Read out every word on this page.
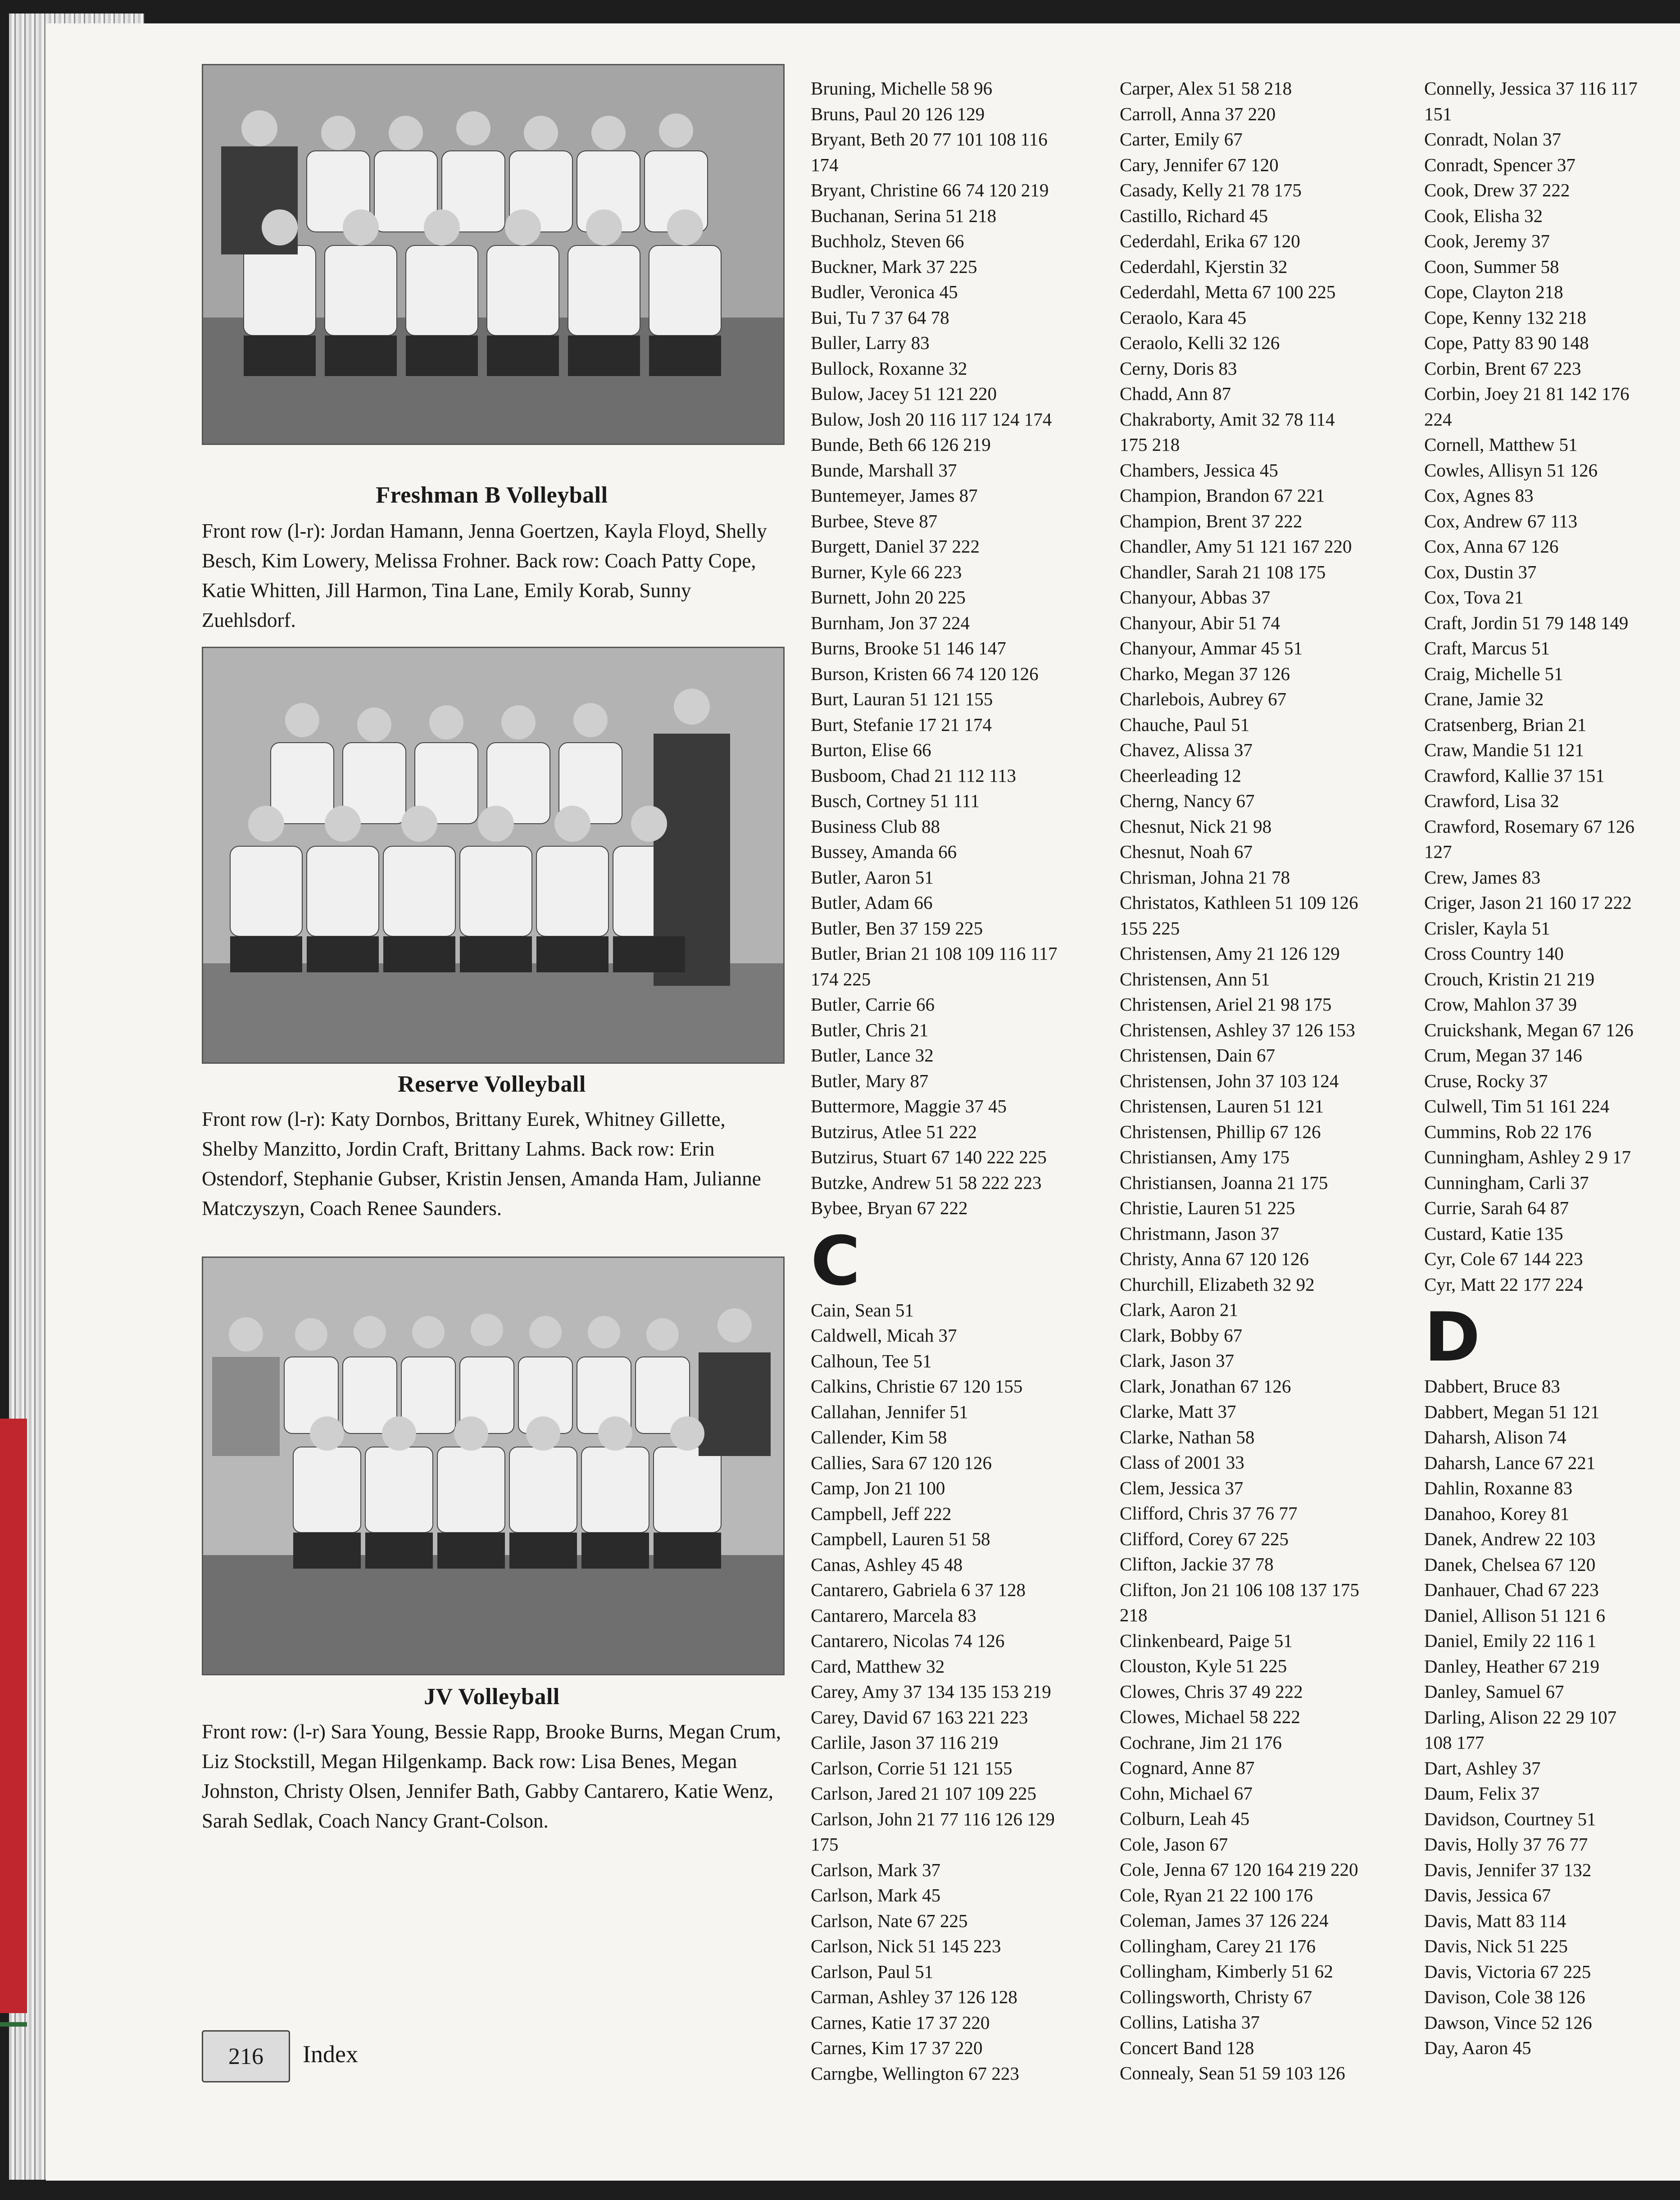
Freshman B Volleyball
Front row (l-r): Jordan Hamann, Jenna Goertzen, Kayla Floyd, Shelly Besch, Kim Lowery, Melissa Frohner. Back row: Coach Patty Cope, Katie Whitten, Jill Harmon, Tina Lane, Emily Korab, Sunny Zuehlsdorf.
Reserve Volleyball
Front row (l-r): Katy Dornbos, Brittany Eurek, Whitney Gillette, Shelby Manzitto, Jordin Craft, Brittany Lahms. Back row: Erin Ostendorf, Stephanie Gubser, Kristin Jensen, Amanda Ham, Julianne Matczyszyn, Coach Renee Saunders.
JV Volleyball
Front row: (l-r) Sara Young, Bessie Rapp, Brooke Burns, Megan Crum, Liz Stockstill, Megan Hilgenkamp. Back row: Lisa Benes, Megan Johnston, Christy Olsen, Jennifer Bath, Gabby Cantarero, Katie Wenz, Sarah Sedlak, Coach Nancy Grant-Colson.
216 Index
Bruning, Michelle 58 96
Bruns, Paul 20 126 129
Bryant, Beth 20 77 101 108 116
174
Bryant, Christine 66 74 120 219
Buchanan, Serina 51 218
Buchholz, Steven 66
Buckner, Mark 37 225
Budler, Veronica 45
Bui, Tu 7 37 64 78
Buller, Larry 83
Bullock, Roxanne 32
Bulow, Jacey 51 121 220
Bulow, Josh 20 116 117 124 174
Bunde, Beth 66 126 219
Bunde, Marshall 37
Buntemeyer, James 87
Burbee, Steve 87
Burgett, Daniel 37 222
Burner, Kyle 66 223
Burnett, John 20 225
Burnham, Jon 37 224
Burns, Brooke 51 146 147
Burson, Kristen 66 74 120 126
Burt, Lauran 51 121 155
Burt, Stefanie 17 21 174
Burton, Elise 66
Busboom, Chad 21 112 113
Busch, Cortney 51 111
Business Club 88
Bussey, Amanda 66
Butler, Aaron 51
Butler, Adam 66
Butler, Ben 37 159 225
Butler, Brian 21 108 109 116 117
174 225
Butler, Carrie 66
Butler, Chris 21
Butler, Lance 32
Butler, Mary 87
Buttermore, Maggie 37 45
Butzirus, Atlee 51 222
Butzirus, Stuart 67 140 222 225
Butzke, Andrew 51 58 222 223
Bybee, Bryan 67 222
C
Cain, Sean 51
Caldwell, Micah 37
Calhoun, Tee 51
Calkins, Christie 67 120 155
Callahan, Jennifer 51
Callender, Kim 58
Callies, Sara 67 120 126
Camp, Jon 21 100
Campbell, Jeff 222
Campbell, Lauren 51 58
Canas, Ashley 45 48
Cantarero, Gabriela 6 37 128
Cantarero, Marcela 83
Cantarero, Nicolas 74 126
Card, Matthew 32
Carey, Amy 37 134 135 153 219
Carey, David 67 163 221 223
Carlile, Jason 37 116 219
Carlson, Corrie 51 121 155
Carlson, Jared 21 107 109 225
Carlson, John 21 77 116 126 129
175
Carlson, Mark 37
Carlson, Mark 45
Carlson, Nate 67 225
Carlson, Nick 51 145 223
Carlson, Paul 51
Carman, Ashley 37 126 128
Carnes, Katie 17 37 220
Carnes, Kim 17 37 220
Carngbe, Wellington 67 223
Carper, Alex 51 58 218
Carroll, Anna 37 220
Carter, Emily 67
Cary, Jennifer 67 120
Casady, Kelly 21 78 175
Castillo, Richard 45
Cederdahl, Erika 67 120
Cederdahl, Kjerstin 32
Cederdahl, Metta 67 100 225
Ceraolo, Kara 45
Ceraolo, Kelli 32 126
Cerny, Doris 83
Chadd, Ann 87
Chakraborty, Amit 32 78 114
175 218
Chambers, Jessica 45
Champion, Brandon 67 221
Champion, Brent 37 222
Chandler, Amy 51 121 167 220
Chandler, Sarah 21 108 175
Chanyour, Abbas 37
Chanyour, Abir 51 74
Chanyour, Ammar 45 51
Charko, Megan 37 126
Charlebois, Aubrey 67
Chauche, Paul 51
Chavez, Alissa 37
Cheerleading 12
Cherng, Nancy 67
Chesnut, Nick 21 98
Chesnut, Noah 67
Chrisman, Johna 21 78
Christatos, Kathleen 51 109 126
155 225
Christensen, Amy 21 126 129
Christensen, Ann 51
Christensen, Ariel 21 98 175
Christensen, Ashley 37 126 153
Christensen, Dain 67
Christensen, John 37 103 124
Christensen, Lauren 51 121
Christensen, Phillip 67 126
Christiansen, Amy 175
Christiansen, Joanna 21 175
Christie, Lauren 51 225
Christmann, Jason 37
Christy, Anna 67 120 126
Churchill, Elizabeth 32 92
Clark, Aaron 21
Clark, Bobby 67
Clark, Jason 37
Clark, Jonathan 67 126
Clarke, Matt 37
Clarke, Nathan 58
Class of 2001 33
Clem, Jessica 37
Clifford, Chris 37 76 77
Clifford, Corey 67 225
Clifton, Jackie 37 78
Clifton, Jon 21 106 108 137 175
218
Clinkenbeard, Paige 51
Clouston, Kyle 51 225
Clowes, Chris 37 49 222
Clowes, Michael 58 222
Cochrane, Jim 21 176
Cognard, Anne 87
Cohn, Michael 67
Colburn, Leah 45
Cole, Jason 67
Cole, Jenna 67 120 164 219 220
Cole, Ryan 21 22 100 176
Coleman, James 37 126 224
Collingham, Carey 21 176
Collingham, Kimberly 51 62
Collingsworth, Christy 67
Collins, Latisha 37
Concert Band 128
Connealy, Sean 51 59 103 126
Connelly, Jessica 37 116 117
151
Conradt, Nolan 37
Conradt, Spencer 37
Cook, Drew 37 222
Cook, Elisha 32
Cook, Jeremy 37
Coon, Summer 58
Cope, Clayton 218
Cope, Kenny 132 218
Cope, Patty 83 90 148
Corbin, Brent 67 223
Corbin, Joey 21 81 142 176
224
Cornell, Matthew 51
Cowles, Allisyn 51 126
Cox, Agnes 83
Cox, Andrew 67 113
Cox, Anna 67 126
Cox, Dustin 37
Cox, Tova 21
Craft, Jordin 51 79 148 149
Craft, Marcus 51
Craig, Michelle 51
Crane, Jamie 32
Cratsenberg, Brian 21
Craw, Mandie 51 121
Crawford, Kallie 37 151
Crawford, Lisa 32
Crawford, Rosemary 67 126
127
Crew, James 83
Criger, Jason 21 160 17 222
Crisler, Kayla 51
Cross Country 140
Crouch, Kristin 21 219
Crow, Mahlon 37 39
Cruickshank, Megan 67 126
Crum, Megan 37 146
Cruse, Rocky 37
Culwell, Tim 51 161 224
Cummins, Rob 22 176
Cunningham, Ashley 2 9 17
Cunningham, Carli 37
Currie, Sarah 64 87
Custard, Katie 135
Cyr, Cole 67 144 223
Cyr, Matt 22 177 224
D
Dabbert, Bruce 83
Dabbert, Megan 51 121
Daharsh, Alison 74
Daharsh, Lance 67 221
Dahlin, Roxanne 83
Danahoo, Korey 81
Danek, Andrew 22 103
Danek, Chelsea 67 120
Danhauer, Chad 67 223
Daniel, Allison 51 121 6
Daniel, Emily 22 116 1
Danley, Heather 67 219
Danley, Samuel 67
Darling, Alison 22 29 107
108 177
Dart, Ashley 37
Daum, Felix 37
Davidson, Courtney 51
Davis, Holly 37 76 77
Davis, Jennifer 37 132
Davis, Jessica 67
Davis, Matt 83 114
Davis, Nick 51 225
Davis, Victoria 67 225
Davison, Cole 38 126
Dawson, Vince 52 126
Day, Aaron 45
